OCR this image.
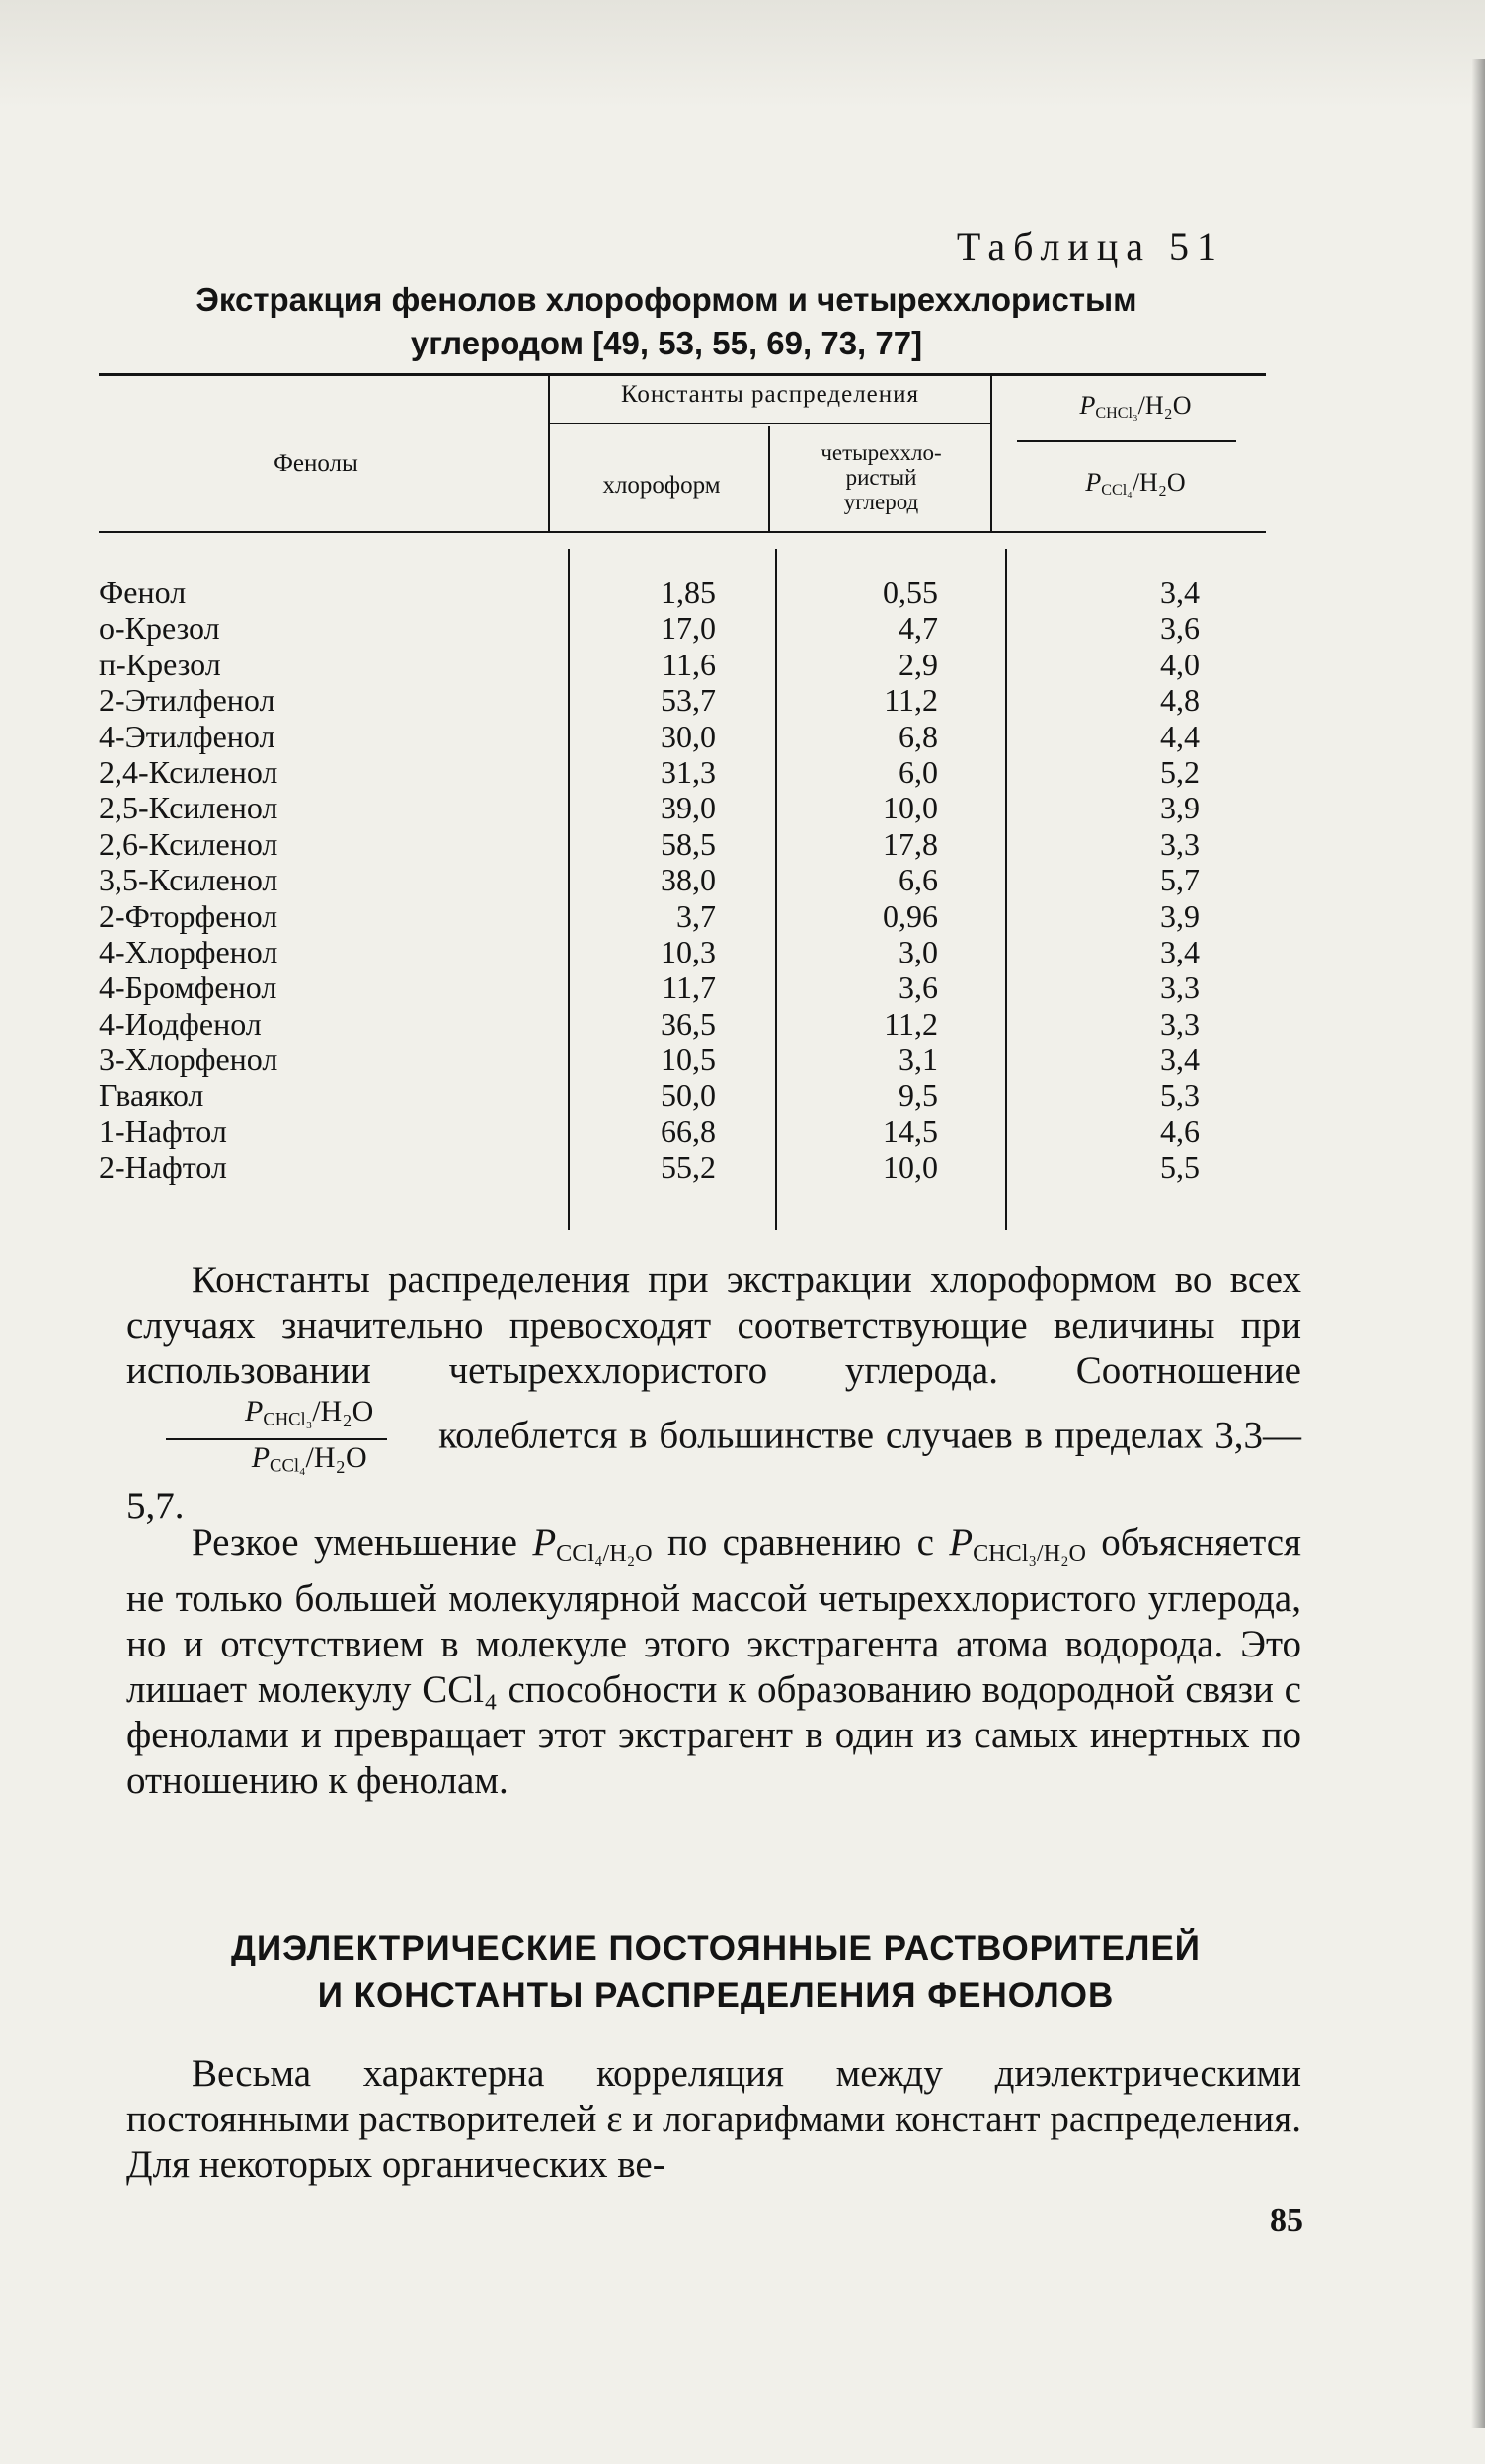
Таблица 51
Экстракция фенолов хлороформом и четыреххлористым
углеродом [49, 53, 55, 69, 73, 77]
Фенолы
Константы распределения
хлороформ
четыреххло-
ристый
углерод
$P_{CHCl_3}$/H₂O
$P_{CCl_4}$/H₂O
Фенол
о-Крезол
п-Крезол
2-Этилфенол
4-Этилфенол
2,4-Ксиленол
2,5-Ксиленол
2,6-Ксиленол
3,5-Ксиленол
2-Фторфенол
4-Хлорфенол
4-Бромфенол
4-Иодфенол
3-Хлорфенол
Гваякол
1-Нафтол
2-Нафтол
1,85
17,0
11,6
53,7
30,0
31,3
39,0
58,5
38,0
3,7
10,3
11,7
36,5
10,5
50,0
66,8
55,2
0,55
4,7
2,9
11,2
6,8
6,0
10,0
17,8
6,6
0,96
3,0
3,6
11,2
3,1
9,5
14,5
10,0
3,4
3,6
4,0
4,8
4,4
5,2
3,9
3,3
5,7
3,9
3,4
3,3
3,3
3,4
5,3
4,6
5,5
Константы распределения при экстракции хлороформом во всех случаях значительно превосходят соответствующие величины при использовании четыреххлористого углерода. Соотношение
$\frac{P_{CHCl_3}/H_2O}{P_{CCl_4}/H_2O}$ колеблется в большинстве случаев в пределах 3,3—5,7.
Резкое уменьшение $P_{CCl_4/H_2O}$ по сравнению с $P_{CHCl_3/H_2O}$ объясняется не только большей молекулярной массой четыреххлористого углерода, но и отсутствием в молекуле этого экстрагента атома водорода. Это лишает молекулу CCl₄ способности к образованию водородной связи с фенолами и превращает этот экстрагент в один из самых инертных по отношению к фенолам.
ДИЭЛЕКТРИЧЕСКИЕ ПОСТОЯННЫЕ РАСТВОРИТЕЛЕЙ
И КОНСТАНТЫ РАСПРЕДЕЛЕНИЯ ФЕНОЛОВ
Весьма характерна корреляция между диэлектрическими постоянными растворителей ε и логарифмами констант распределения. Для некоторых органических ве-
85
